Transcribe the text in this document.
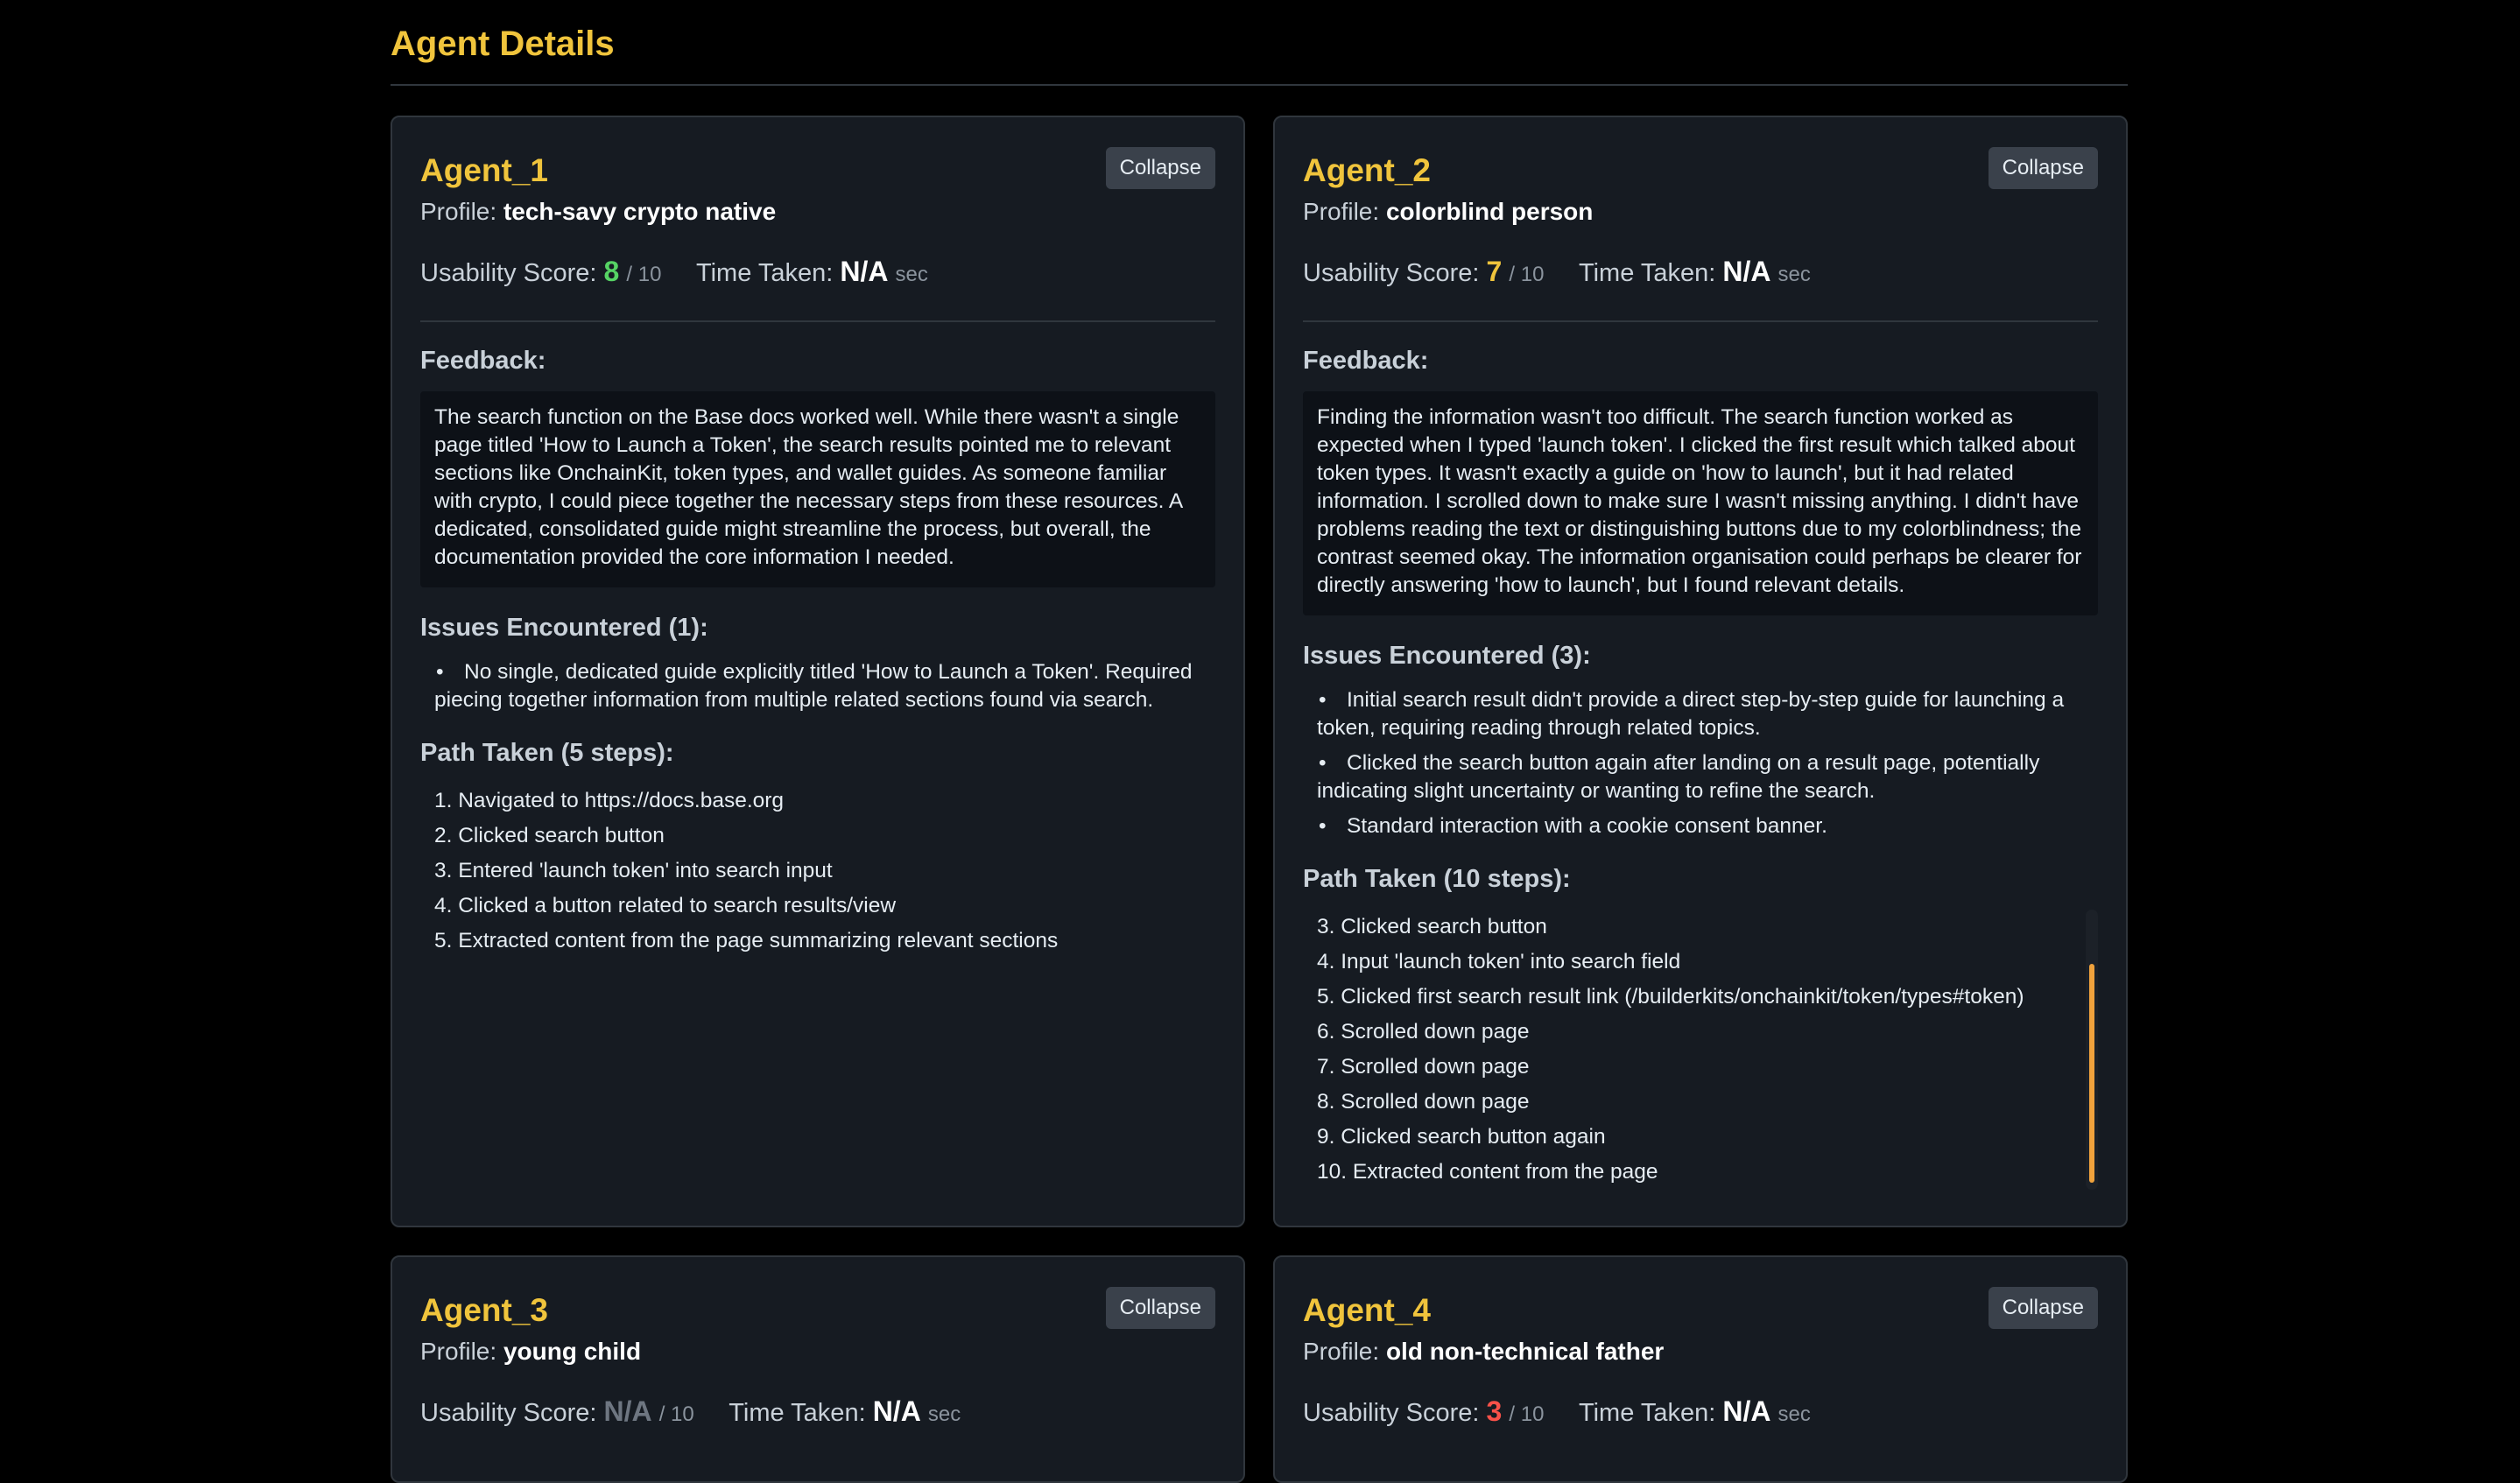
Agent Details
Agent_1	Collapse
Profile: tech-savy crypto native
Usability Score: 8 / 10 Time Taken: N/A sec
Feedback:
The search function on the Base docs worked well. While there wasn't a single page titled 'How to Launch a Token', the search results pointed me to relevant sections like OnchainKit, token types, and wallet guides. As someone familiar with crypto, I could piece together the necessary steps from these resources. A dedicated, consolidated guide might streamline the process, but overall, the documentation provided the core information I needed.
Issues Encountered (1):
• No single, dedicated guide explicitly titled 'How to Launch a Token'. Required piecing together information from multiple related sections found via search.
Path Taken (5 steps):
1. Navigated to https://docs.base.org
2. Clicked search button
3. Entered 'launch token' into search input
4. Clicked a button related to search results/view
5. Extracted content from the page summarizing relevant sections
Agent_2	Collapse
Profile: colorblind person
Usability Score: 7 / 10 Time Taken: N/A sec
Feedback:
Finding the information wasn't too difficult. The search function worked as expected when I typed 'launch token'. I clicked the first result which talked about token types. It wasn't exactly a guide on 'how to launch', but it had related information. I scrolled down to make sure I wasn't missing anything. I didn't have problems reading the text or distinguishing buttons due to my colorblindness; the contrast seemed okay. The information organisation could perhaps be clearer for directly answering 'how to launch', but I found relevant details.
Issues Encountered (3):
• Initial search result didn't provide a direct step-by-step guide for launching a token, requiring reading through related topics.
• Clicked the search button again after landing on a result page, potentially indicating slight uncertainty or wanting to refine the search.
• Standard interaction with a cookie consent banner.
Path Taken (10 steps):
3. Clicked search button
4. Input 'launch token' into search field
5. Clicked first search result link (/builderkits/onchainkit/token/types#token)
6. Scrolled down page
7. Scrolled down page
8. Scrolled down page
9. Clicked search button again
10. Extracted content from the page
Agent_3	Collapse
Profile: young child
Usability Score: N/A / 10 Time Taken: N/A sec
Agent_4	Collapse
Profile: old non-technical father
Usability Score: 3 / 10 Time Taken: N/A sec
